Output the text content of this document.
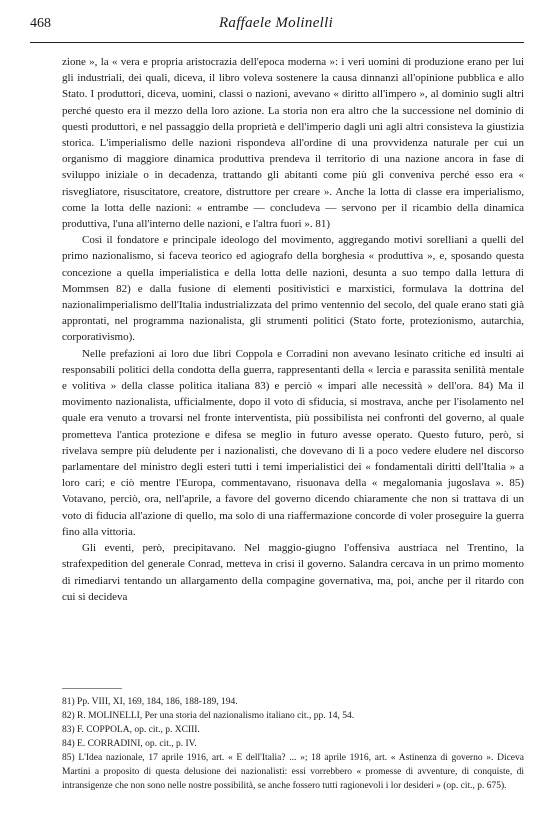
468	Raffaele Molinelli

zione », la « vera e propria aristocrazia dell'epoca moderna »: i veri uomini di produzione erano per lui gli industriali, dei quali, diceva, il libro voleva sostenere la causa dinnanzi all'opinione pubblica e allo Stato. I produttori, diceva, uomini, classi o nazioni, avevano « diritto all'impero », al dominio sugli altri perché questo era il mezzo della loro azione. La storia non era altro che la successione nel dominio di questi produttori, e nel passaggio della proprietà e dell'imperio dagli uni agli altri consisteva la giustizia storica. L'imperialismo delle nazioni rispondeva all'ordine di una provvidenza naturale per cui un organismo di maggiore dinamica produttiva prendeva il territorio di una nazione ancora in fase di sviluppo iniziale o in decadenza, trattando gli abitanti come più gli conveniva perché esso era « risvegliatore, risuscitatore, creatore, distruttore per creare ». Anche la lotta di classe era imperialismo, come la lotta delle nazioni: « entrambe — concludeva — servono per il ricambio della dinamica produttiva, l'una all'interno delle nazioni, e l'altra fuori ». 81)

Così il fondatore e principale ideologo del movimento, aggregando motivi sorelliani a quelli del primo nazionalismo, si faceva teorico ed agiografo della borghesia « produttiva », e, sposando questa concezione a quella imperialistica e della lotta delle nazioni, desunta a suo tempo dalla lettura di Mommsen 82) e dalla fusione di elementi positivistici e marxistici, formulava la dottrina del nazionalimperialismo dell'Italia industrializzata del primo ventennio del secolo, del quale erano stati già approntati, nel programma nazionalista, gli strumenti politici (Stato forte, protezionismo, autarchia, corporativismo).

Nelle prefazioni ai loro due libri Coppola e Corradini non avevano lesinato critiche ed insulti ai responsabili politici della condotta della guerra, rappresentanti della « lercia e parassita senilità mentale e volitiva » della classe politica italiana 83) e perciò « impari alle necessità » dell'ora. 84) Ma il movimento nazionalista, ufficialmente, dopo il voto di sfiducia, si mostrava, anche per l'isolamento nel quale era venuto a trovarsi nel fronte interventista, più possibilista nei confronti del governo, al quale prometteva l'antica protezione e difesa se meglio in futuro avesse operato. Questo futuro, però, si rivelava sempre più deludente per i nazionalisti, che dovevano di lì a poco vedere eludere nel discorso parlamentare del ministro degli esteri tutti i temi imperialistici dei « fondamentali diritti dell'Italia » a loro cari; e ciò mentre l'Europa, commentavano, risuonava della « megalomania jugoslava ». 85) Votavano, perciò, ora, nell'aprile, a favore del governo dicendo chiaramente che non si trattava di un voto di fiducia all'azione di quello, ma solo di una riaffermazione concorde di voler proseguire la guerra fino alla vittoria.

Gli eventi, però, precipitavano. Nel maggio-giugno l'offensiva austriaca nel Trentino, la strafexpedition del generale Conrad, metteva in crisi il governo. Salandra cercava in un primo momento di rimediarvi tentando un allargamento della compagine governativa, ma, poi, anche per il ritardo con cui si decideva

81) Pp. VIII, XI, 169, 184, 186, 188-189, 194.

82) R. MOLINELLI, Per una storia del nazionalismo italiano cit., pp. 14, 54.

83) F. COPPOLA, op. cit., p. XCIII.

84) E. CORRADINI, op. cit., p. IV.

85) L'Idea nazionale, 17 aprile 1916, art. « E dell'Italia? ... »; 18 aprile 1916, art. « Astinenza di governo ». Diceva Martini a proposito di questa delusione dei nazionalisti: essi vorrebbero « promesse di avventure, di conquiste, di intransigenze che non sono nelle nostre possibilità, se anche fossero tutti ragionevoli i lor desideri » (op. cit., p. 675).
